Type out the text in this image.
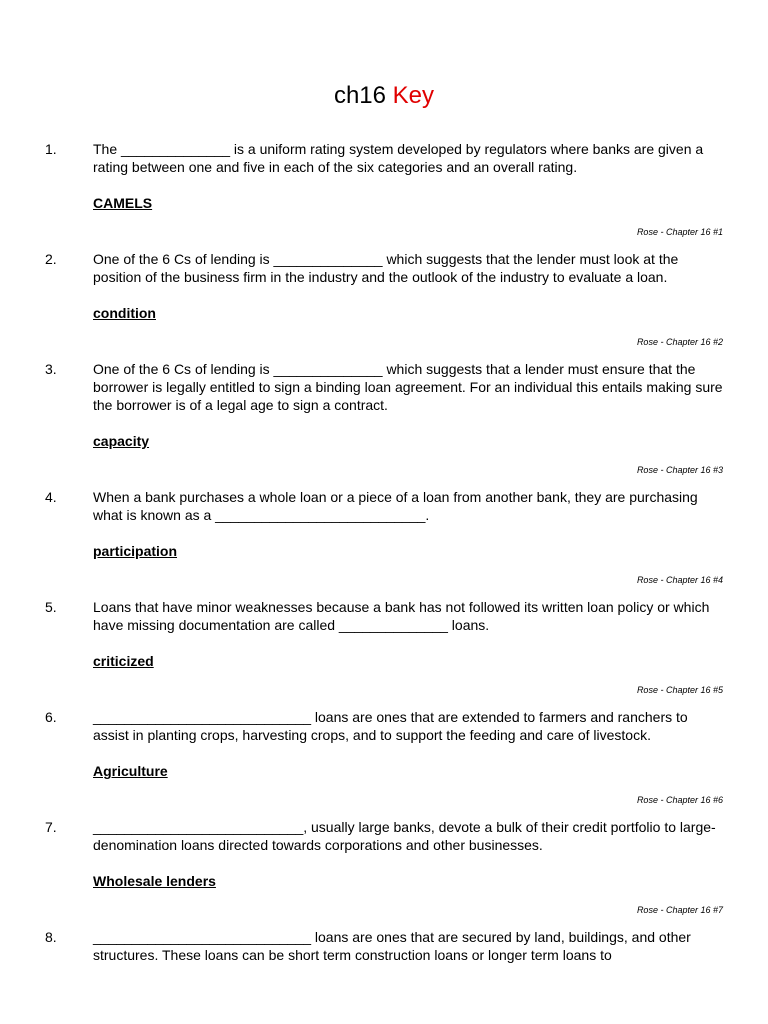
ch16 Key
1.	The ______________ is a uniform rating system developed by regulators where banks are given a rating between one and five in each of the six categories and an overall rating.
CAMELS
Rose - Chapter 16 #1
2.	One of the 6 Cs of lending is ______________ which suggests that the lender must look at the position of the business firm in the industry and the outlook of the industry to evaluate a loan.
condition
Rose - Chapter 16 #2
3.	One of the 6 Cs of lending is ______________ which suggests that a lender must ensure that the borrower is legally entitled to sign a binding loan agreement. For an individual this entails making sure the borrower is of a legal age to sign a contract.
capacity
Rose - Chapter 16 #3
4.	When a bank purchases a whole loan or a piece of a loan from another bank, they are purchasing what is known as a ___________________________.
participation
Rose - Chapter 16 #4
5.	Loans that have minor weaknesses because a bank has not followed its written loan policy or which have missing documentation are called ______________ loans.
criticized
Rose - Chapter 16 #5
6.	____________________________ loans are ones that are extended to farmers and ranchers to assist in planting crops, harvesting crops, and to support the feeding and care of livestock.
Agriculture
Rose - Chapter 16 #6
7.	___________________________, usually large banks, devote a bulk of their credit portfolio to large-denomination loans directed towards corporations and other businesses.
Wholesale lenders
Rose - Chapter 16 #7
8.	____________________________ loans are ones that are secured by land, buildings, and other structures. These loans can be short term construction loans or longer term loans to
